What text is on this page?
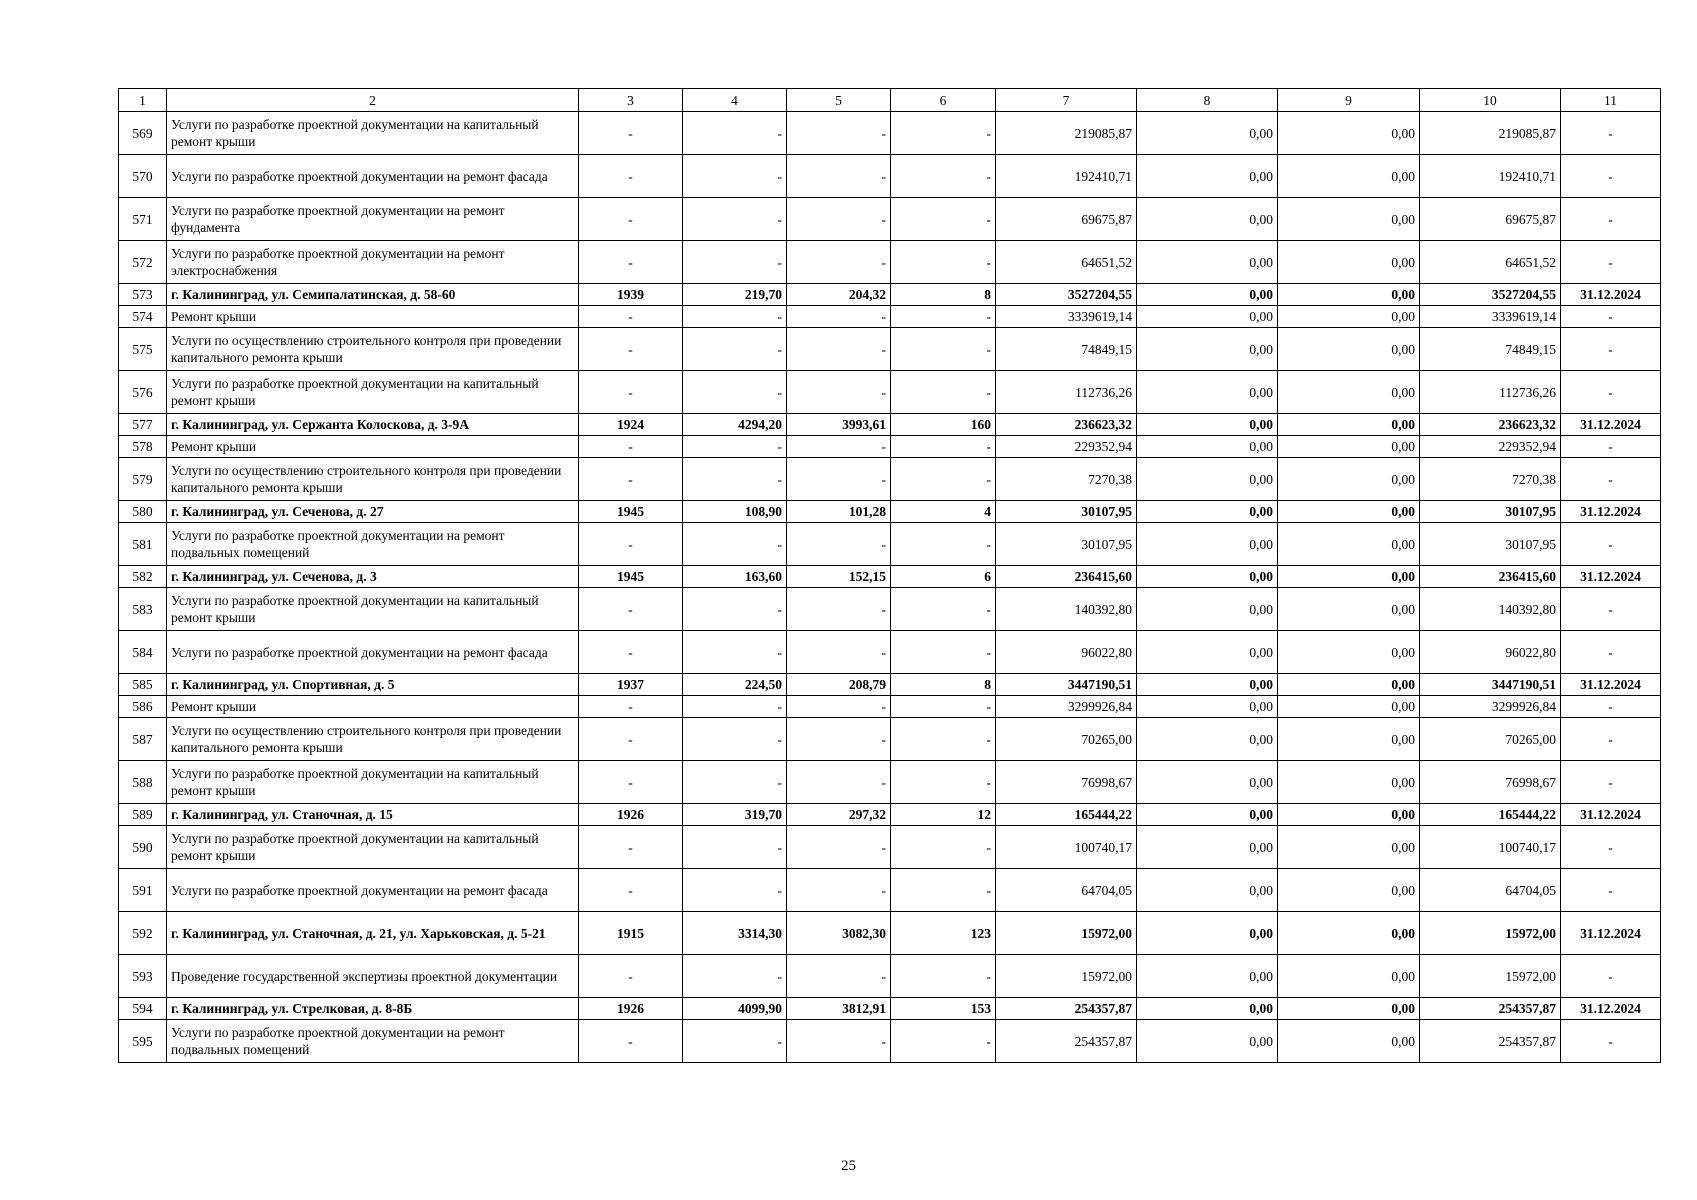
1	2	3	4	5	6	7	8	9	10	11
569	Услуги по разработке проектной документации на капитальный ремонт крыши	-	-	-	-	219085,87	0,00	0,00	219085,87	-
570	Услуги по разработке проектной документации на ремонт фасада	-	-	-	-	192410,71	0,00	0,00	192410,71	-
571	Услуги по разработке проектной документации на ремонт фундамента	-	-	-	-	69675,87	0,00	0,00	69675,87	-
572	Услуги по разработке проектной документации на ремонт электроснабжения	-	-	-	-	64651,52	0,00	0,00	64651,52	-
573	г. Калининград, ул. Семипалатинская, д. 58-60	1939	219,70	204,32	8	3527204,55	0,00	0,00	3527204,55	31.12.2024
574	Ремонт крыши	-	-	-	-	3339619,14	0,00	0,00	3339619,14	-
575	Услуги по осуществлению строительного контроля при проведении капитального ремонта крыши	-	-	-	-	74849,15	0,00	0,00	74849,15	-
576	Услуги по разработке проектной документации на капитальный ремонт крыши	-	-	-	-	112736,26	0,00	0,00	112736,26	-
577	г. Калининград, ул. Сержанта Колоскова, д. 3-9А	1924	4294,20	3993,61	160	236623,32	0,00	0,00	236623,32	31.12.2024
578	Ремонт крыши	-	-	-	-	229352,94	0,00	0,00	229352,94	-
579	Услуги по осуществлению строительного контроля при проведении капитального ремонта крыши	-	-	-	-	7270,38	0,00	0,00	7270,38	-
580	г. Калининград, ул. Сеченова, д. 27	1945	108,90	101,28	4	30107,95	0,00	0,00	30107,95	31.12.2024
581	Услуги по разработке проектной документации на ремонт подвальных помещений	-	-	-	-	30107,95	0,00	0,00	30107,95	-
582	г. Калининград, ул. Сеченова, д. 3	1945	163,60	152,15	6	236415,60	0,00	0,00	236415,60	31.12.2024
583	Услуги по разработке проектной документации на капитальный ремонт крыши	-	-	-	-	140392,80	0,00	0,00	140392,80	-
584	Услуги по разработке проектной документации на ремонт фасада	-	-	-	-	96022,80	0,00	0,00	96022,80	-
585	г. Калининград, ул. Спортивная, д. 5	1937	224,50	208,79	8	3447190,51	0,00	0,00	3447190,51	31.12.2024
586	Ремонт крыши	-	-	-	-	3299926,84	0,00	0,00	3299926,84	-
587	Услуги по осуществлению строительного контроля при проведении капитального ремонта крыши	-	-	-	-	70265,00	0,00	0,00	70265,00	-
588	Услуги по разработке проектной документации на капитальный ремонт крыши	-	-	-	-	76998,67	0,00	0,00	76998,67	-
589	г. Калининград, ул. Станочная, д. 15	1926	319,70	297,32	12	165444,22	0,00	0,00	165444,22	31.12.2024
590	Услуги по разработке проектной документации на капитальный ремонт крыши	-	-	-	-	100740,17	0,00	0,00	100740,17	-
591	Услуги по разработке проектной документации на ремонт фасада	-	-	-	-	64704,05	0,00	0,00	64704,05	-
592	г. Калининград, ул. Станочная, д. 21, ул. Харьковская, д. 5-21	1915	3314,30	3082,30	123	15972,00	0,00	0,00	15972,00	31.12.2024
593	Проведение государственной экспертизы проектной документации	-	-	-	-	15972,00	0,00	0,00	15972,00	-
594	г. Калининград, ул. Стрелковая, д. 8-8Б	1926	4099,90	3812,91	153	254357,87	0,00	0,00	254357,87	31.12.2024
595	Услуги по разработке проектной документации на ремонт подвальных помещений	-	-	-	-	254357,87	0,00	0,00	254357,87	-
25
